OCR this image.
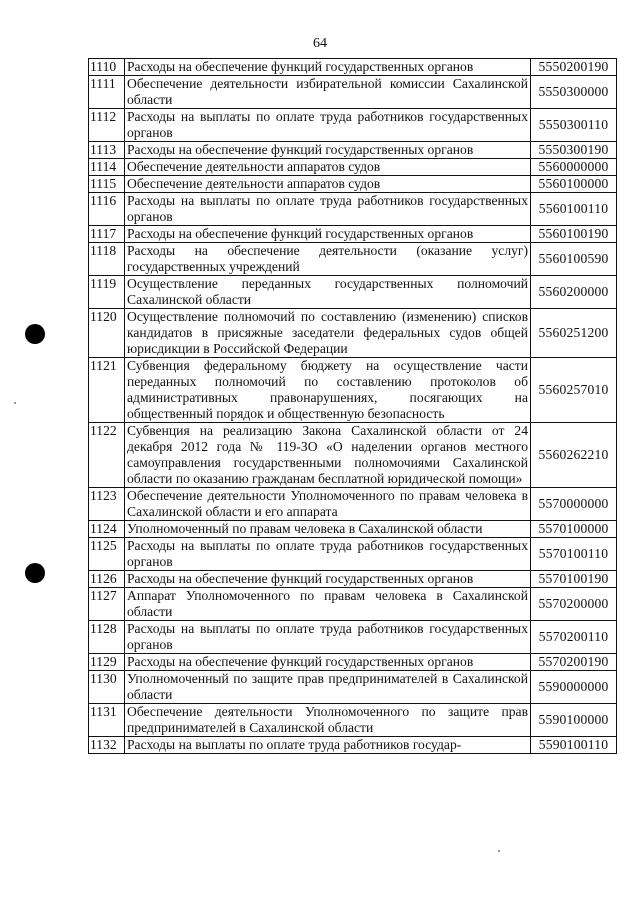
64
1110	Расходы на обеспечение функций государственных органов	5550200190
1111	Обеспечение деятельности избирательной комиссии Сахалинской области	5550300000
1112	Расходы на выплаты по оплате труда работников государственных органов	5550300110
1113	Расходы на обеспечение функций государственных органов	5550300190
1114	Обеспечение деятельности аппаратов судов	5560000000
1115	Обеспечение деятельности аппаратов судов	5560100000
1116	Расходы на выплаты по оплате труда работников государственных органов	5560100110
1117	Расходы на обеспечение функций государственных органов	5560100190
1118	Расходы на обеспечение деятельности (оказание услуг) государственных учреждений	5560100590
1119	Осуществление переданных государственных полномочий Сахалинской области	5560200000
1120	Осуществление полномочий по составлению (изменению) списков кандидатов в присяжные заседатели федеральных судов общей юрисдикции в Российской Федерации	5560251200
1121	Субвенция федеральному бюджету на осуществление части переданных полномочий по составлению протоколов об административных правонарушениях, посягающих на общественный порядок и общественную безопасность	5560257010
1122	Субвенция на реализацию Закона Сахалинской области от 24 декабря 2012 года № 119-ЗО «О наделении органов местного самоуправления государственными полномочиями Сахалинской области по оказанию гражданам бесплатной юридической помощи»	5560262210
1123	Обеспечение деятельности Уполномоченного по правам человека в Сахалинской области и его аппарата	5570000000
1124	Уполномоченный по правам человека в Сахалинской области	5570100000
1125	Расходы на выплаты по оплате труда работников государственных органов	5570100110
1126	Расходы на обеспечение функций государственных органов	5570100190
1127	Аппарат Уполномоченного по правам человека в Сахалинской области	5570200000
1128	Расходы на выплаты по оплате труда работников государственных органов	5570200110
1129	Расходы на обеспечение функций государственных органов	5570200190
1130	Уполномоченный по защите прав предпринимателей в Сахалинской области	5590000000
1131	Обеспечение деятельности Уполномоченного по защите прав предпринимателей в Сахалинской области	5590100000
1132	Расходы на выплаты по оплате труда работников государ-	5590100110
